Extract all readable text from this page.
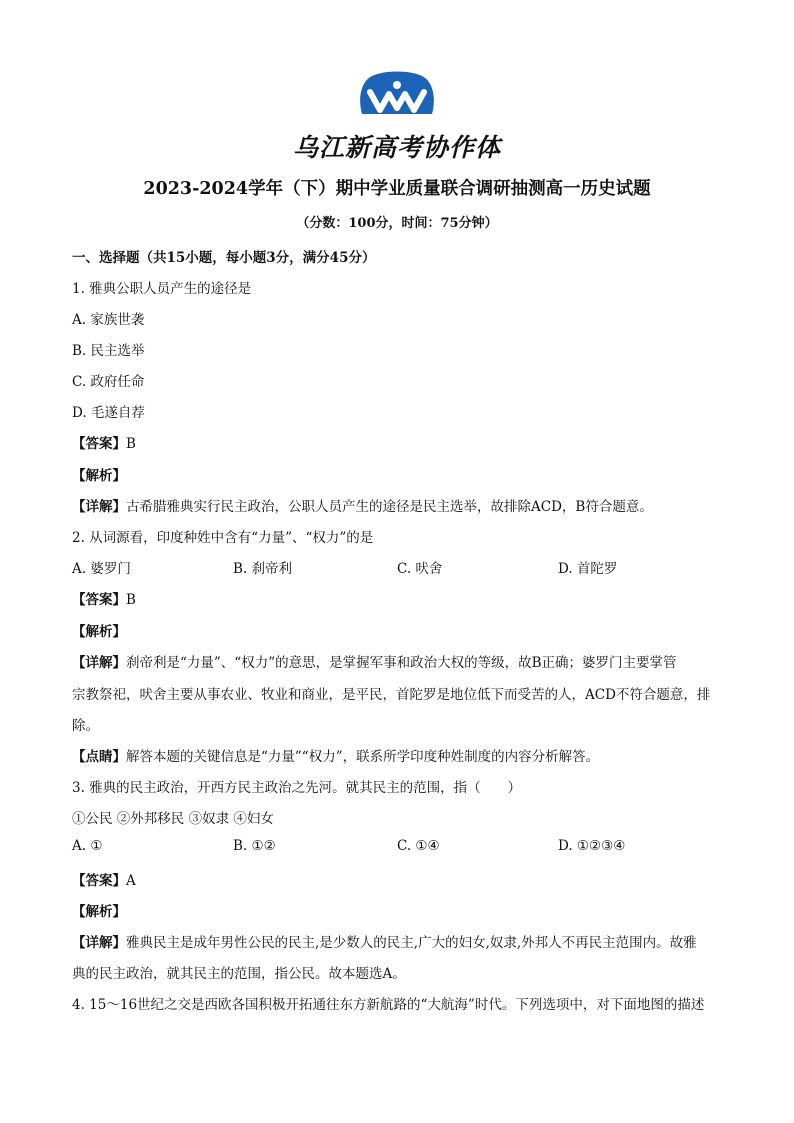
乌江新高考协作体
2023-2024学年（下）期中学业质量联合调研抽测高一历史试题
（分数：100分，时间：75分钟）
一、选择题（共15小题，每小题3分，满分45分）
1. 雅典公职人员产生的途径是
A. 家族世袭
B. 民主选举
C. 政府任命
D. 毛遂自荐
【答案】B
【解析】
【详解】古希腊雅典实行民主政治，公职人员产生的途径是民主选举，故排除ACD，B符合题意。
2. 从词源看，印度种姓中含有“力量”、“权力”的是
A. 婆罗门	B. 刹帝利	C. 吠舍	D. 首陀罗
【答案】B
【解析】
【详解】刹帝利是“力量”、“权力”的意思，是掌握军事和政治大权的等级，故B正确；婆罗门主要掌管
宗教祭祀，吠舍主要从事农业、牧业和商业，是平民，首陀罗是地位低下而受苦的人，ACD不符合题意，排
除。
【点睛】解答本题的关键信息是“力量”“权力”，联系所学印度种姓制度的内容分析解答。
3. 雅典的民主政治，开西方民主政治之先河。就其民主的范围，指（　　）
①公民 ②外邦移民 ③奴隶 ④妇女
A. ①	B. ①②	C. ①④	D. ①②③④
【答案】A
【解析】
【详解】雅典民主是成年男性公民的民主,是少数人的民主,广大的妇女,奴隶,外邦人不再民主范围内。故雅
典的民主政治，就其民主的范围，指公民。故本题选A。
4. 15～16世纪之交是西欧各国积极开拓通往东方新航路的“大航海”时代。下列选项中，对下面地图的描述
